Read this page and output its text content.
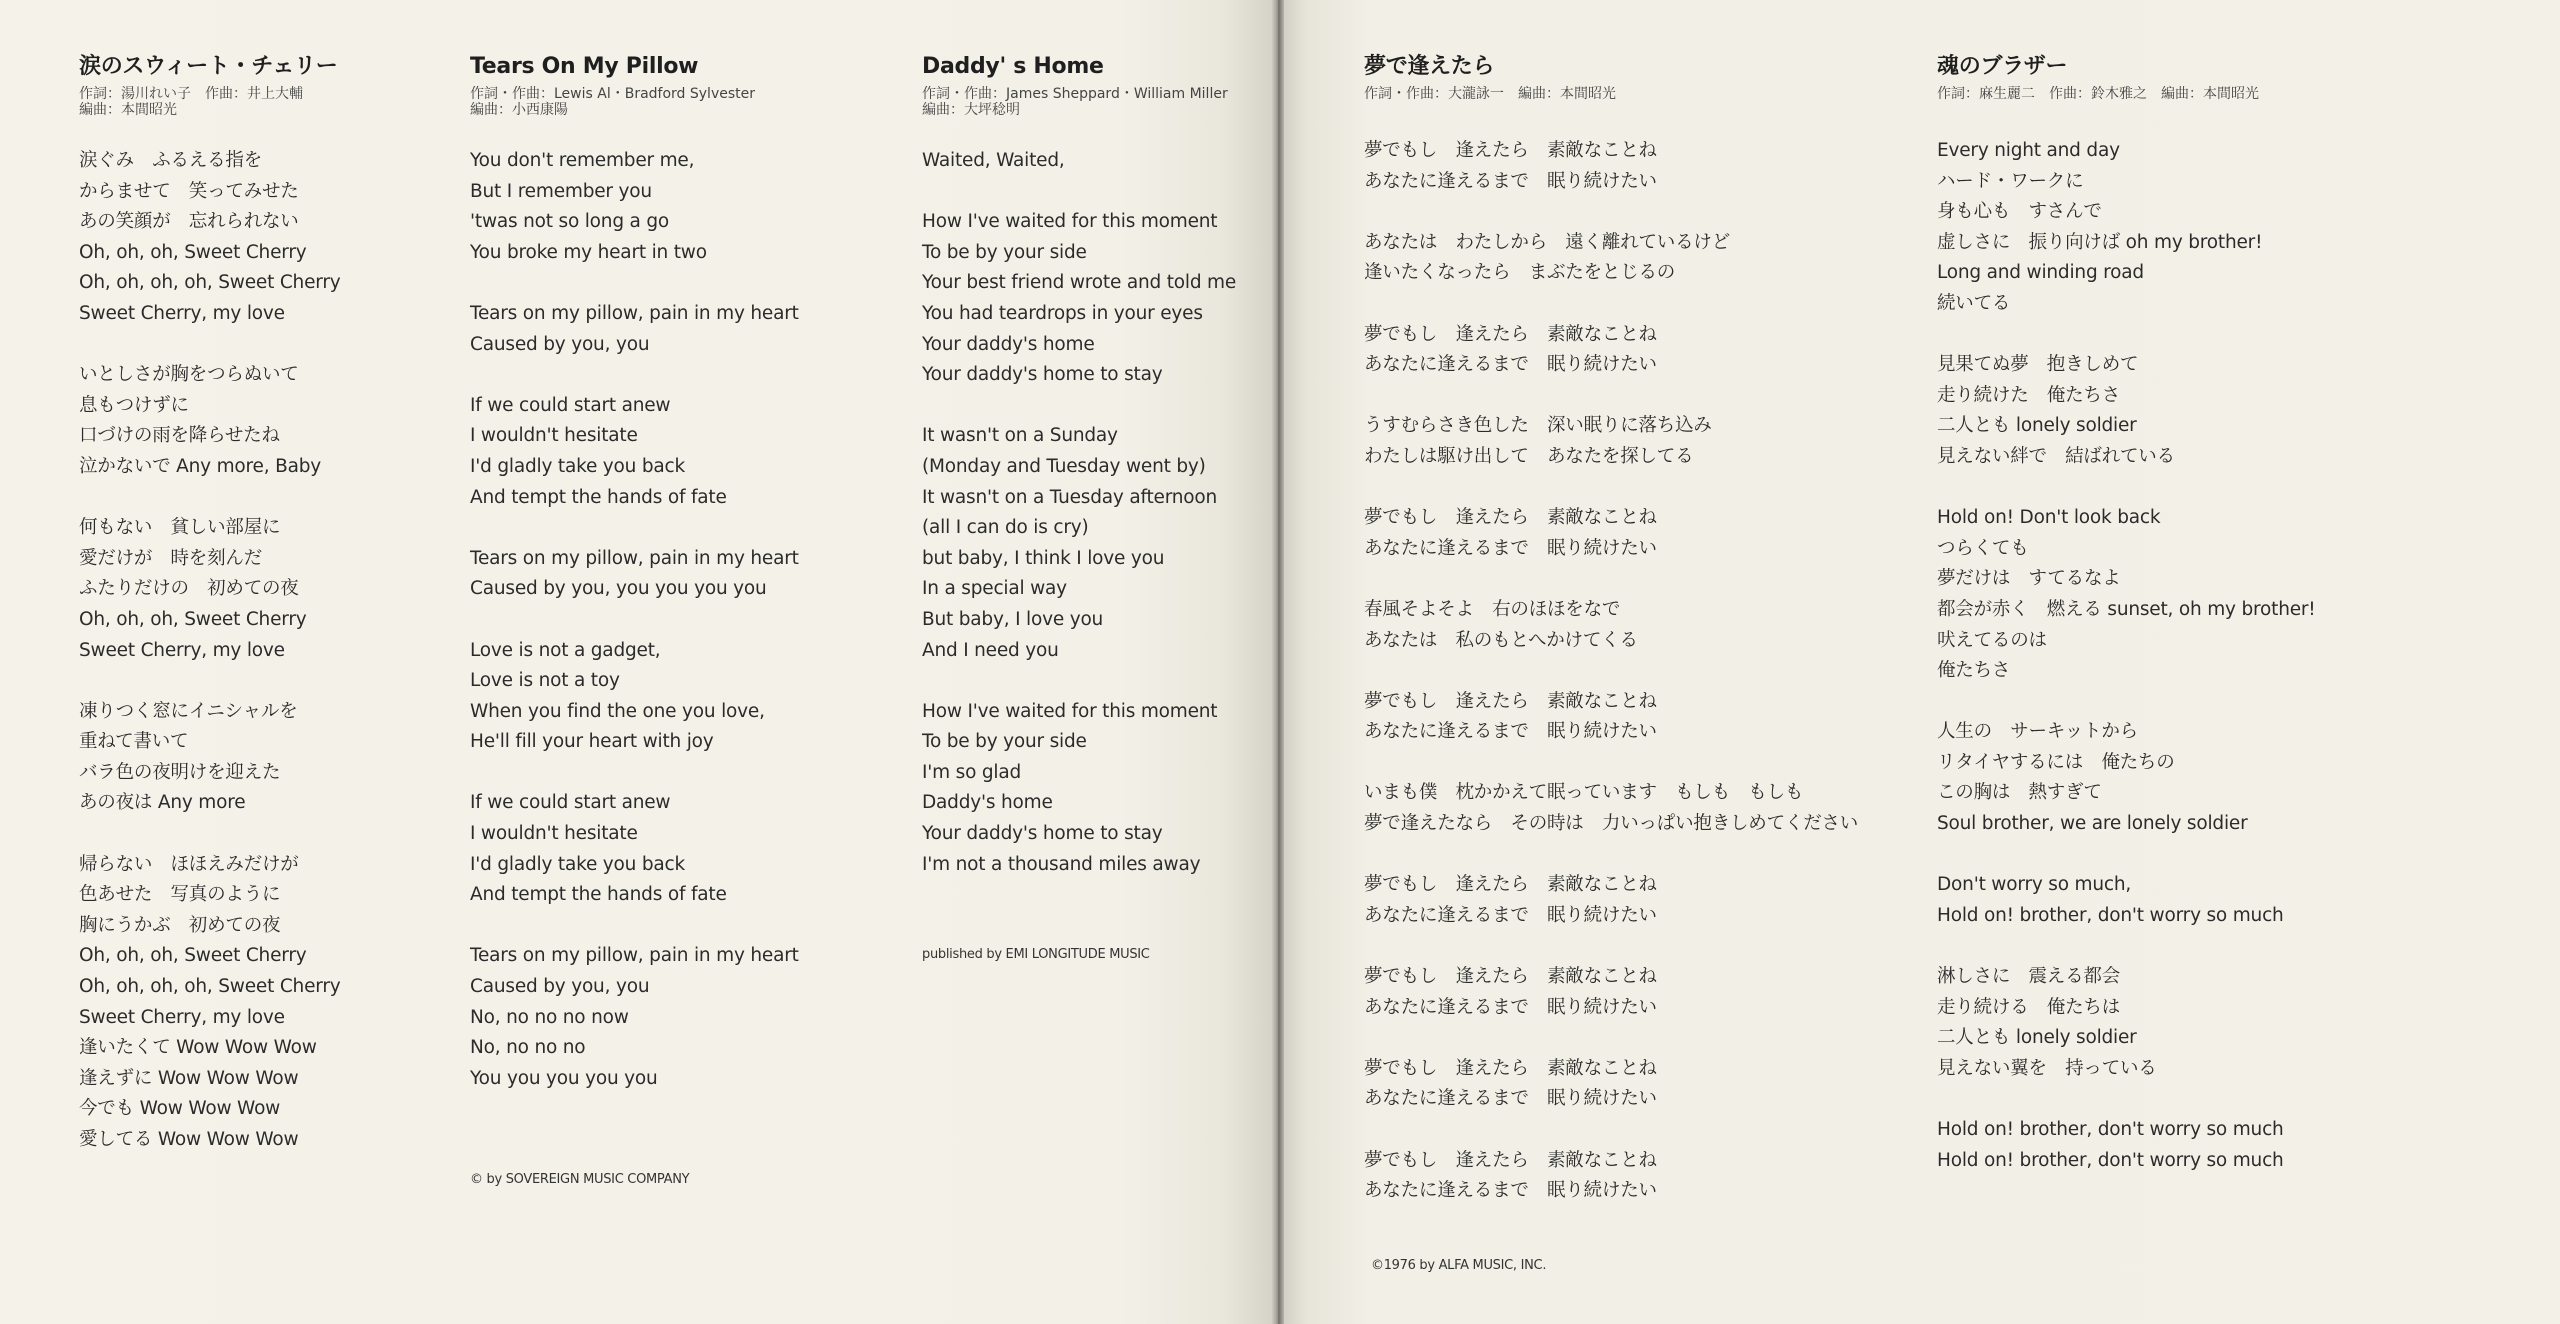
涙のスウィート・チェリー
作詞：湯川れい子　作曲：井上大輔
編曲：本間昭光
涙ぐみ　ふるえる指を
からませて　笑ってみせた
あの笑顔が　忘れられない
Oh, oh, oh, Sweet Cherry
Oh, oh, oh, oh, Sweet Cherry
Sweet Cherry, my love
いとしさが胸をつらぬいて
息もつけずに
口づけの雨を降らせたね
泣かないで Any more, Baby
何もない　貧しい部屋に
愛だけが　時を刻んだ
ふたりだけの　初めての夜
Oh, oh, oh, Sweet Cherry
Sweet Cherry, my love
凍りつく窓にイニシャルを
重ねて書いて
バラ色の夜明けを迎えた
あの夜は Any more
帰らない　ほほえみだけが
色あせた　写真のように
胸にうかぶ　初めての夜
Oh, oh, oh, Sweet Cherry
Oh, oh, oh, oh, Sweet Cherry
Sweet Cherry, my love
逢いたくて Wow Wow Wow
逢えずに Wow Wow Wow
今でも Wow Wow Wow
愛してる Wow Wow Wow
Tears On My Pillow
作詞・作曲：Lewis Al・Bradford Sylvester
編曲：小西康陽
You don't remember me,
But I remember you
'twas not so long a go
You broke my heart in two
Tears on my pillow, pain in my heart
Caused by you, you
If we could start anew
I wouldn't hesitate
I'd gladly take you back
And tempt the hands of fate
Tears on my pillow, pain in my heart
Caused by you, you you you you
Love is not a gadget,
Love is not a toy
When you find the one you love,
He'll fill your heart with joy
If we could start anew
I wouldn't hesitate
I'd gladly take you back
And tempt the hands of fate
Tears on my pillow, pain in my heart
Caused by you, you
No, no no no now
No, no no no
You you you you you
© by SOVEREIGN MUSIC COMPANY
Daddy' s Home
作詞・作曲：James Sheppard・William Miller
編曲：大坪稔明
Waited, Waited,
How I've waited for this moment
To be by your side
Your best friend wrote and told me
You had teardrops in your eyes
Your daddy's home
Your daddy's home to stay
It wasn't on a Sunday
(Monday and Tuesday went by)
It wasn't on a Tuesday afternoon
(all I can do is cry)
but baby, I think I love you
In a special way
But baby, I love you
And I need you
How I've waited for this moment
To be by your side
I'm so glad
Daddy's home
Your daddy's home to stay
I'm not a thousand miles away
published by EMI LONGITUDE MUSIC
夢で逢えたら
作詞・作曲：大瀧詠一　編曲：本間昭光
夢でもし　逢えたら　素敵なことね
あなたに逢えるまで　眠り続けたい
あなたは　わたしから　遠く離れているけど
逢いたくなったら　まぶたをとじるの
夢でもし　逢えたら　素敵なことね
あなたに逢えるまで　眠り続けたい
うすむらさき色した　深い眠りに落ち込み
わたしは駆け出して　あなたを探してる
夢でもし　逢えたら　素敵なことね
あなたに逢えるまで　眠り続けたい
春風そよそよ　右のほほをなで
あなたは　私のもとへかけてくる
夢でもし　逢えたら　素敵なことね
あなたに逢えるまで　眠り続けたい
いまも僕　枕かかえて眠っています　もしも　もしも
夢で逢えたなら　その時は　力いっぱい抱きしめてください
夢でもし　逢えたら　素敵なことね
あなたに逢えるまで　眠り続けたい
夢でもし　逢えたら　素敵なことね
あなたに逢えるまで　眠り続けたい
夢でもし　逢えたら　素敵なことね
あなたに逢えるまで　眠り続けたい
夢でもし　逢えたら　素敵なことね
あなたに逢えるまで　眠り続けたい
©1976 by ALFA MUSIC, INC.
魂のブラザー
作詞：麻生麗二　作曲：鈴木雅之　編曲：本間昭光
Every night and day
ハード・ワークに
身も心も　すさんで
虚しさに　振り向けば oh my brother!
Long and winding road
続いてる
見果てぬ夢　抱きしめて
走り続けた　俺たちさ
二人とも lonely soldier
見えない絆で　結ばれている
Hold on! Don't look back
つらくても
夢だけは　すてるなよ
都会が赤く　燃える sunset, oh my brother!
吠えてるのは
俺たちさ
人生の　サーキットから
リタイヤするには　俺たちの
この胸は　熱すぎて
Soul brother, we are lonely soldier
Don't worry so much,
Hold on! brother, don't worry so much
淋しさに　震える都会
走り続ける　俺たちは
二人とも lonely soldier
見えない翼を　持っている
Hold on! brother, don't worry so much
Hold on! brother, don't worry so much
